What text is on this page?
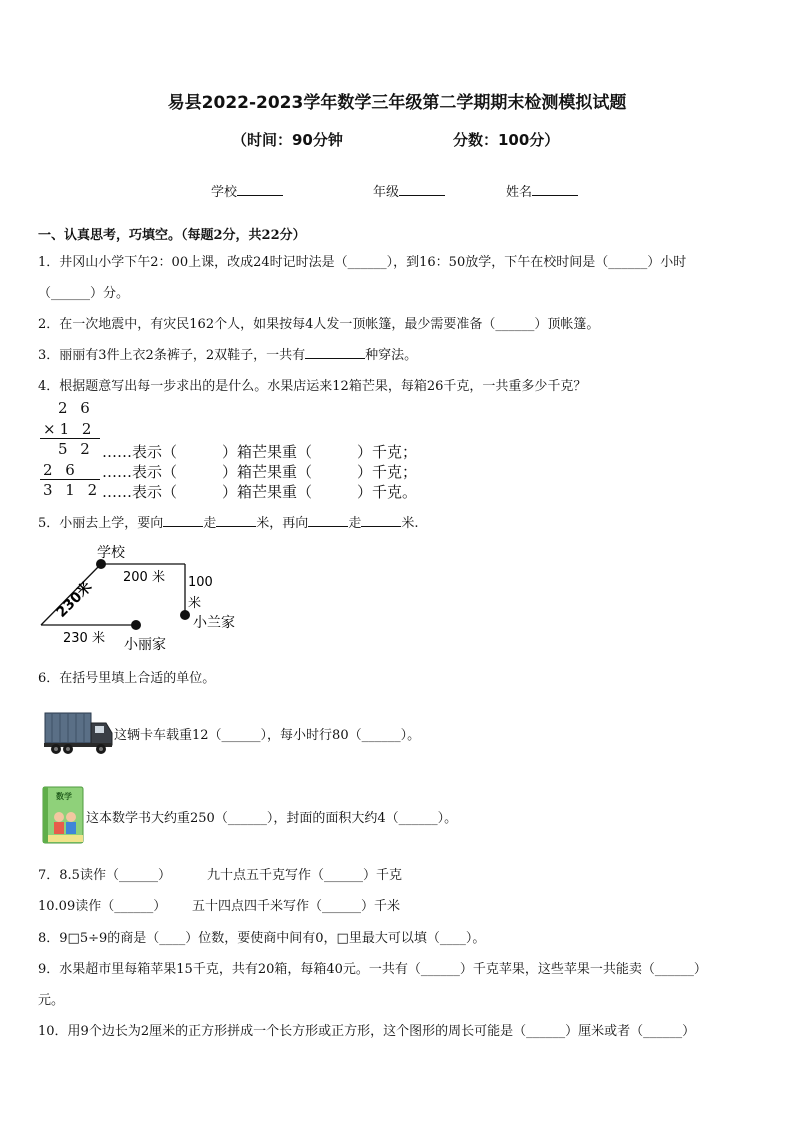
易县2022-2023学年数学三年级第二学期期末检测模拟试题
（时间：90分钟	分数：100分）
学校	年级	姓名
一、认真思考，巧填空。（每题2分，共22分）
1．井冈山小学下午2：00上课，改成24时记时法是（______），到16：50放学，下午在校时间是（______）小时
（______）分。
2．在一次地震中，有灾民162个人，如果按每4人发一顶帐篷，最少需要准备（______）顶帐篷。
3．丽丽有3件上衣2条裤子，2双鞋子，一共有	种穿法。
4．根据题意写出每一步求出的是什么。水果店运来12箱芒果，每箱26千克，一共重多少千克？
2 6
×1 2
5 2
2 6
3 1 2
……表示（　　　）箱芒果重（　　　）千克；
……表示（　　　）箱芒果重（　　　）千克；
……表示（　　　）箱芒果重（　　　）千克。
5．小丽去上学，要向	走	米，再向	走	米.
学校
200 米 100
米
小兰家
230米
230 米 小丽家
6．在括号里填上合适的单位。
这辆卡车载重12（______），每小时行80（______）。
数学
这本数学书大约重250（______），封面的面积大约4（______）。
7．8.5读作（______）	九十点五千克写作（______）千克
10.09读作（______） 五十四点四千米写作（______）千米
8．9□5÷9的商是（____）位数，要使商中间有0，□里最大可以填（____）。
9．水果超市里每箱苹果15千克，共有20箱，每箱40元。一共有（______）千克苹果，这些苹果一共能卖（______）
元。
10．用9个边长为2厘米的正方形拼成一个长方形或正方形，这个图形的周长可能是（______）厘米或者（______）
